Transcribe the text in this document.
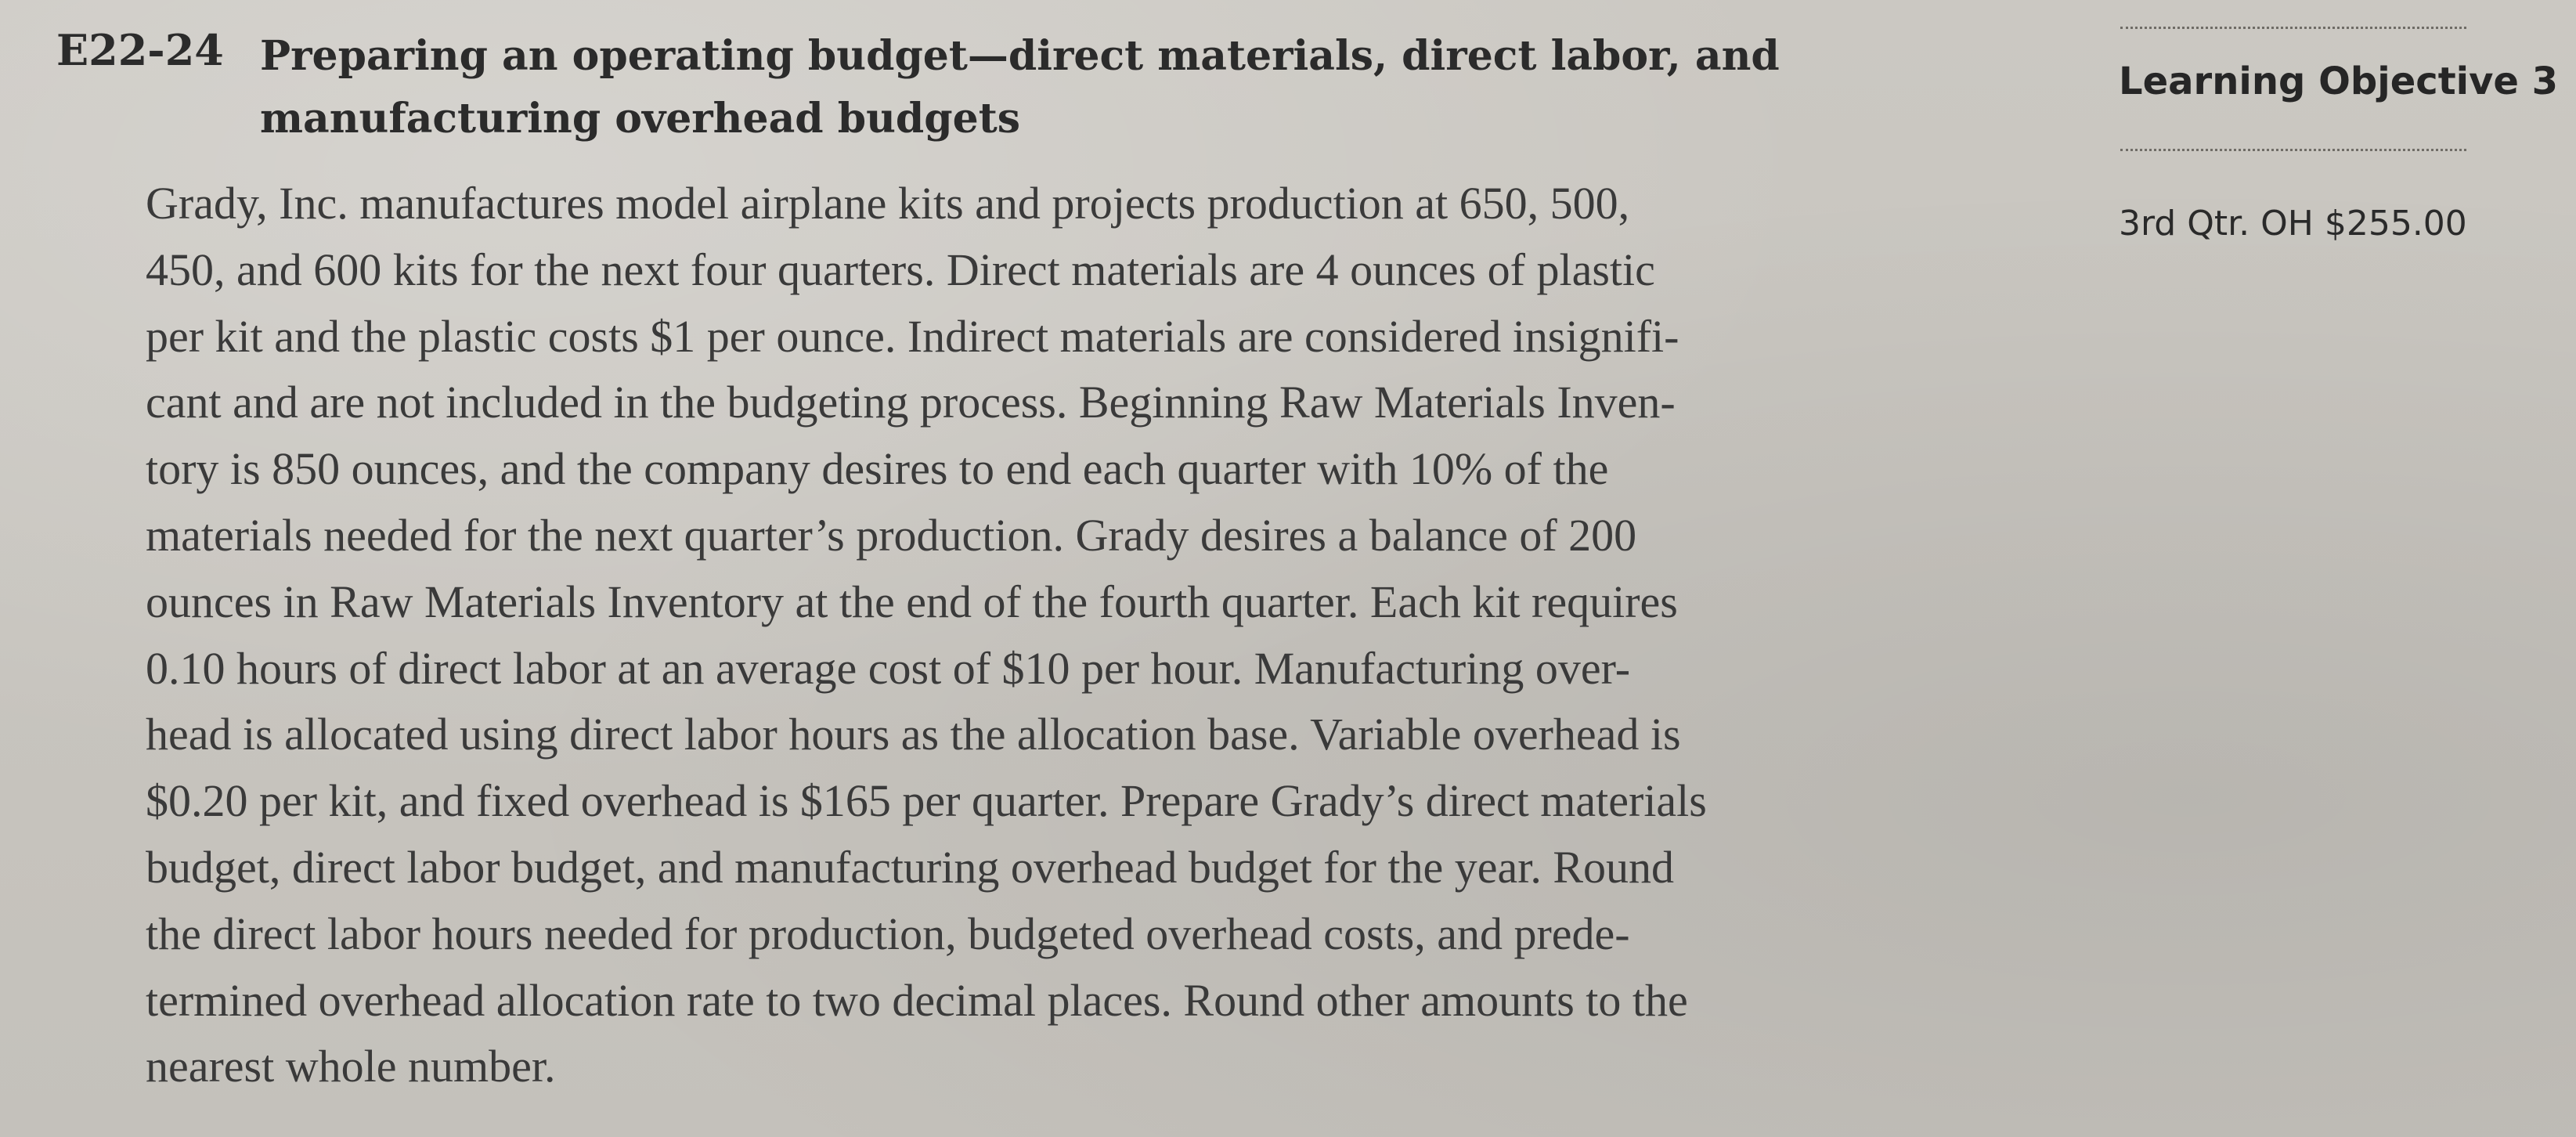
E22-24 Preparing an operating budget—direct materials, direct labor, and
manufacturing overhead budgets
Grady, Inc. manufactures model airplane kits and projects production at 650, 500,
450, and 600 kits for the next four quarters. Direct materials are 4 ounces of plastic
per kit and the plastic costs $1 per ounce. Indirect materials are considered insignifi-
cant and are not included in the budgeting process. Beginning Raw Materials Inven-
tory is 850 ounces, and the company desires to end each quarter with 10% of the
materials needed for the next quarter’s production. Grady desires a balance of 200
ounces in Raw Materials Inventory at the end of the fourth quarter. Each kit requires
0.10 hours of direct labor at an average cost of $10 per hour. Manufacturing over-
head is allocated using direct labor hours as the allocation base. Variable overhead is
$0.20 per kit, and fixed overhead is $165 per quarter. Prepare Grady’s direct materials
budget, direct labor budget, and manufacturing overhead budget for the year. Round
the direct labor hours needed for production, budgeted overhead costs, and prede-
termined overhead allocation rate to two decimal places. Round other amounts to the
nearest whole number.
Learning Objective 3
3rd Qtr. OH $255.00
